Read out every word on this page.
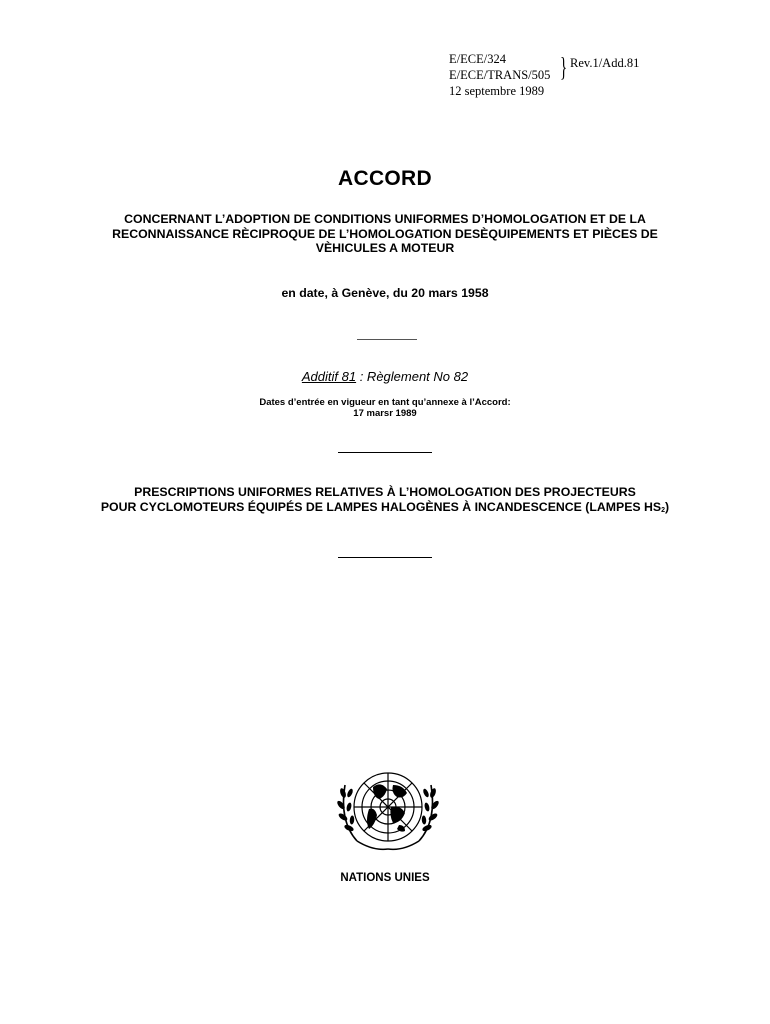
E/ECE/324
E/ECE/TRANS/505
12 septembre 1989
} Rev.1/Add.81
ACCORD
CONCERNANT L’ADOPTION DE CONDITIONS UNIFORMES D’HOMOLOGATION ET DE LA
RECONNAISSANCE RÈCIPROQUE DE L’HOMOLOGATION DESÈQUIPEMENTS ET PIÈCES DE
VÈHICULES A MOTEUR
en date, à Genève, du 20 mars 1958
Additif 81 : Règlement No 82
Dates d’entrée en vigueur en tant qu’annexe à l’Accord:
17 marsr 1989
PRESCRIPTIONS UNIFORMES RELATIVES À L’HOMOLOGATION DES PROJECTEURS
POUR CYCLOMOTEURS ÉQUIPÉS DE LAMPES HALOGÈNES À INCANDESCENCE (LAMPES $HS_2$)
NATIONS UNIES
